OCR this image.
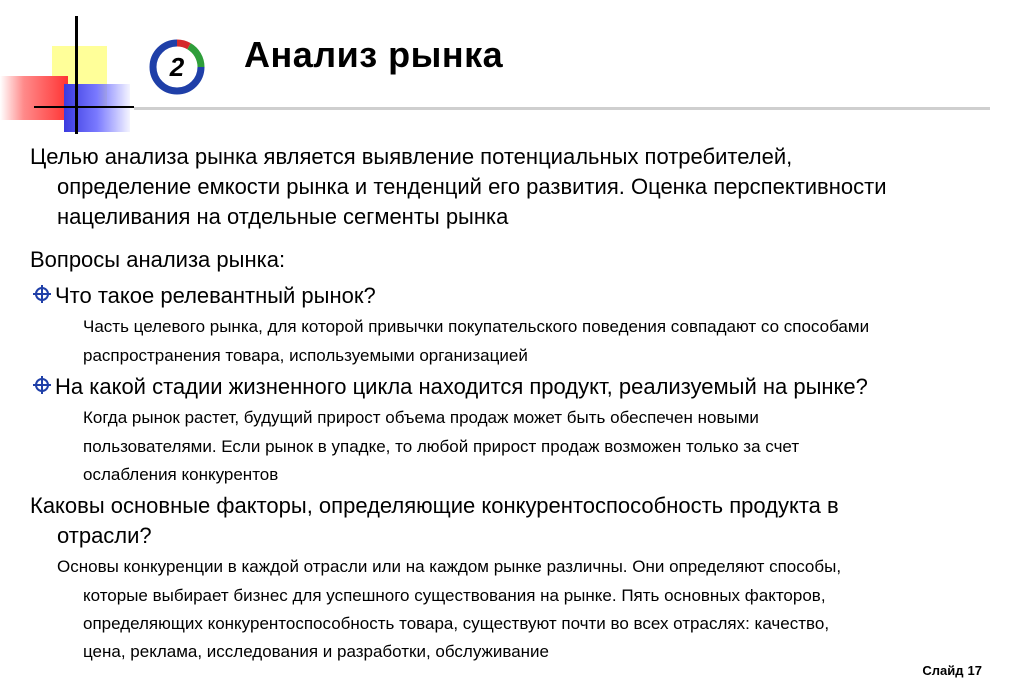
2 Анализ рынка
Целью анализа рынка является выявление потенциальных потребителей,
определение емкости рынка и тенденций его развития. Оценка перспективности
нацеливания на отдельные сегменты рынка
Вопросы анализа рынка:
Что такое релевантный рынок?
Часть целевого рынка, для которой привычки покупательского поведения совпадают со способами
распространения товара, используемыми организацией
На какой стадии жизненного цикла находится продукт, реализуемый на рынке?
Когда рынок растет, будущий прирост объема продаж может быть обеспечен новыми
пользователями. Если рынок в упадке, то любой прирост продаж возможен только за счет
ослабления конкурентов
Каковы основные факторы, определяющие конкурентоспособность продукта в
отрасли?
Основы конкуренции в каждой отрасли или на каждом рынке различны. Они определяют способы,
которые выбирает бизнес для успешного существования на рынке. Пять основных факторов,
определяющих конкурентоспособность товара, существуют почти во всех отраслях: качество,
цена, реклама, исследования и разработки, обслуживание
Слайд 17
